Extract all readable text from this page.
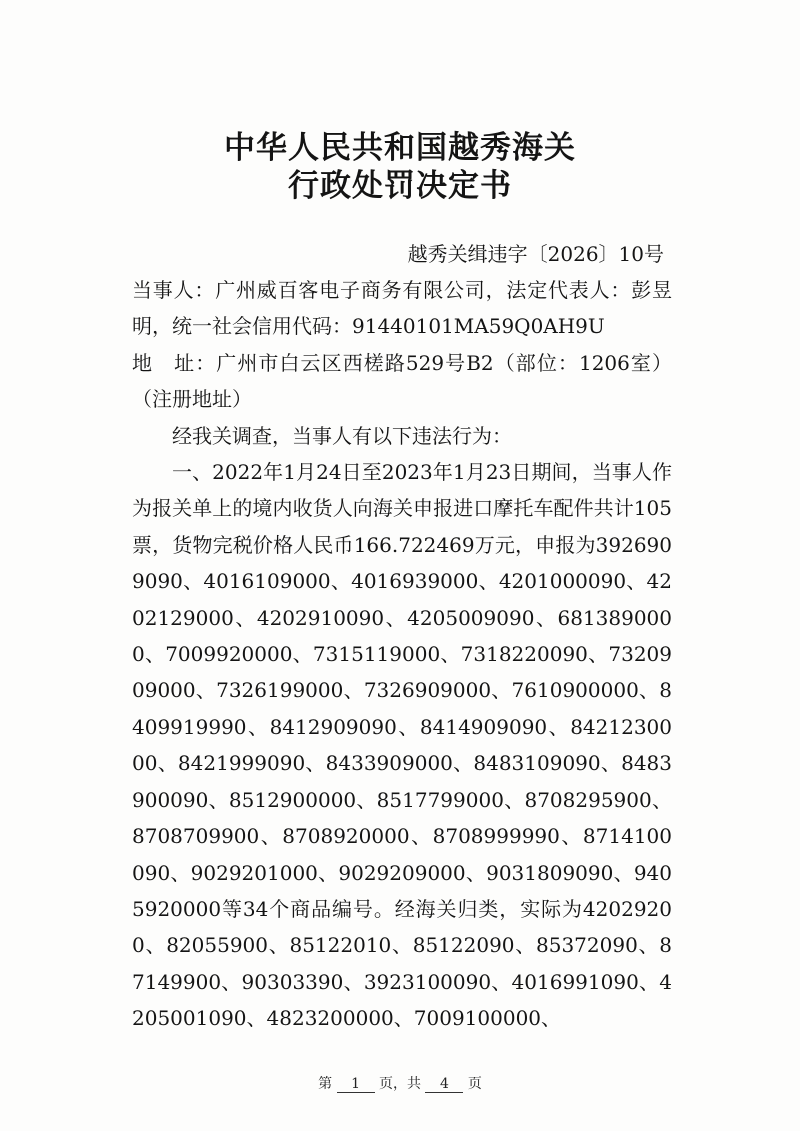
中华人民共和国越秀海关
行政处罚决定书
越秀关缉违字〔2026〕10号

当事人：广州威百客电子商务有限公司，法定代表人：彭昱明，统一社会信用代码：91440101MA59Q0AH9U

地　址：广州市白云区西槎路529号B2（部位：1206室）（注册地址）

经我关调查，当事人有以下违法行为：

一、2022年1月24日至2023年1月23日期间，当事人作为报关单上的境内收货人向海关申报进口摩托车配件共计105票，货物完税价格人民币166.722469万元，申报为3926909090、4016109000、4016939000、4201000090、4202129000、4202910090、4205009090、6813890000、7009920000、7315119000、7318220090、7320909000、7326199000、7326909000、7610900000、8409919990、8412909090、8414909090、8421230000、8421999090、8433909000、8483109090、8483900090、8512900000、8517799000、8708295900、8708709900、8708920000、8708999990、8714100090、9029201000、9029209000、9031809090、9405920000等34个商品编号。经海关归类，实际为42029200、82055900、85122010、85122090、85372090、87149900、90303390、3923100090、4016991090、4205001090、4823200000、7009100000、

第 1 页，共 4 页
